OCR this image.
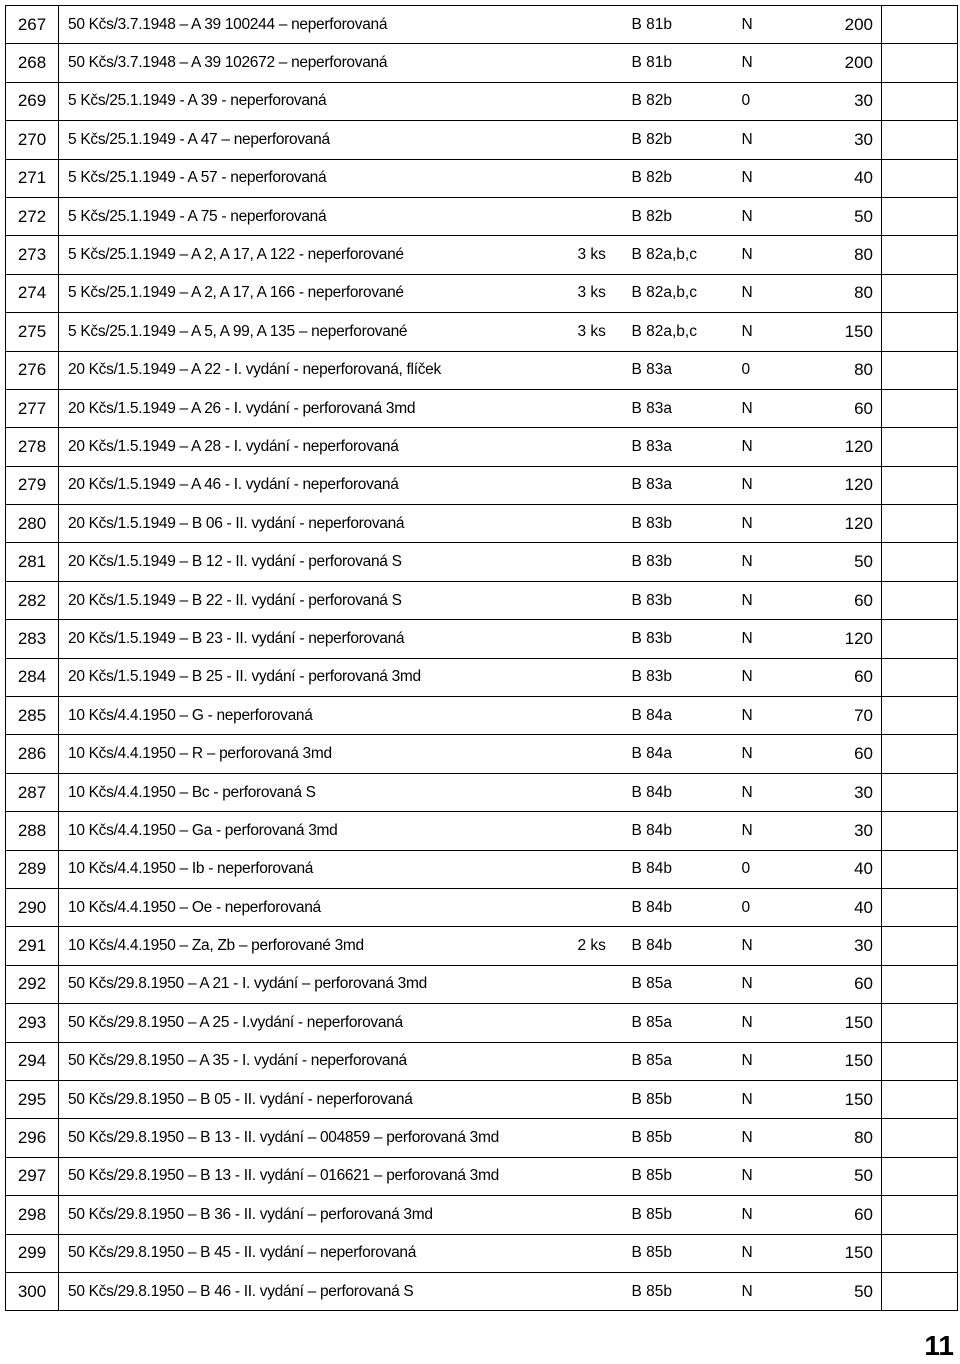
267	50 Kčs/3.7.1948 – A 39 100244 – neperforovaná		B 81b	N	200	
268	50 Kčs/3.7.1948 – A 39 102672 – neperforovaná		B 81b	N	200	
269	5 Kčs/25.1.1949 - A 39 - neperforovaná		B 82b	0	30	
270	5 Kčs/25.1.1949 - A 47 – neperforovaná		B 82b	N	30	
271	5 Kčs/25.1.1949 - A 57 - neperforovaná		B 82b	N	40	
272	5 Kčs/25.1.1949 - A 75 - neperforovaná		B 82b	N	50	
273	5 Kčs/25.1.1949 – A 2, A 17, A 122 - neperforované	3 ks	B 82a,b,c	N	80	
274	5 Kčs/25.1.1949 – A 2, A 17, A 166 - neperforované	3 ks	B 82a,b,c	N	80	
275	5 Kčs/25.1.1949 – A 5, A 99, A 135 – neperforované	3 ks	B 82a,b,c	N	150	
276	20 Kčs/1.5.1949 – A 22 - I. vydání - neperforovaná, flíček		B 83a	0	80	
277	20 Kčs/1.5.1949 – A 26 - I. vydání - perforovaná 3md		B 83a	N	60	
278	20 Kčs/1.5.1949 – A 28 - I. vydání - neperforovaná		B 83a	N	120	
279	20 Kčs/1.5.1949 – A 46 - I. vydání - neperforovaná		B 83a	N	120	
280	20 Kčs/1.5.1949 – B 06 - II. vydání - neperforovaná		B 83b	N	120	
281	20 Kčs/1.5.1949 – B 12 - II. vydání - perforovaná S		B 83b	N	50	
282	20 Kčs/1.5.1949 – B 22 - II. vydání - perforovaná S		B 83b	N	60	
283	20 Kčs/1.5.1949 – B 23 - II. vydání - neperforovaná		B 83b	N	120	
284	20 Kčs/1.5.1949 – B 25 - II. vydání - perforovaná 3md		B 83b	N	60	
285	10 Kčs/4.4.1950 – G - neperforovaná		B 84a	N	70	
286	10 Kčs/4.4.1950 – R – perforovaná 3md		B 84a	N	60	
287	10 Kčs/4.4.1950 – Bc - perforovaná S		B 84b	N	30	
288	10 Kčs/4.4.1950 – Ga - perforovaná 3md		B 84b	N	30	
289	10 Kčs/4.4.1950 – Ib - neperforovaná		B 84b	0	40	
290	10 Kčs/4.4.1950 – Oe - neperforovaná		B 84b	0	40	
291	10 Kčs/4.4.1950 – Za, Zb – perforované 3md	2 ks	B 84b	N	30	
292	50 Kčs/29.8.1950 – A 21 - I. vydání – perforovaná 3md		B 85a	N	60	
293	50 Kčs/29.8.1950 – A 25 - I.vydání - neperforovaná		B 85a	N	150	
294	50 Kčs/29.8.1950 – A 35 - I. vydání - neperforovaná		B 85a	N	150	
295	50 Kčs/29.8.1950 – B 05 - II. vydání - neperforovaná		B 85b	N	150	
296	50 Kčs/29.8.1950 – B 13 - II. vydání – 004859 – perforovaná 3md		B 85b	N	80	
297	50 Kčs/29.8.1950 – B 13 - II. vydání – 016621 – perforovaná 3md		B 85b	N	50	
298	50 Kčs/29.8.1950 – B 36 - II. vydání – perforovaná 3md		B 85b	N	60	
299	50 Kčs/29.8.1950 – B 45 - II. vydání – neperforovaná		B 85b	N	150	
300	50 Kčs/29.8.1950 – B 46 - II. vydání – perforovaná S		B 85b	N	50	
11
